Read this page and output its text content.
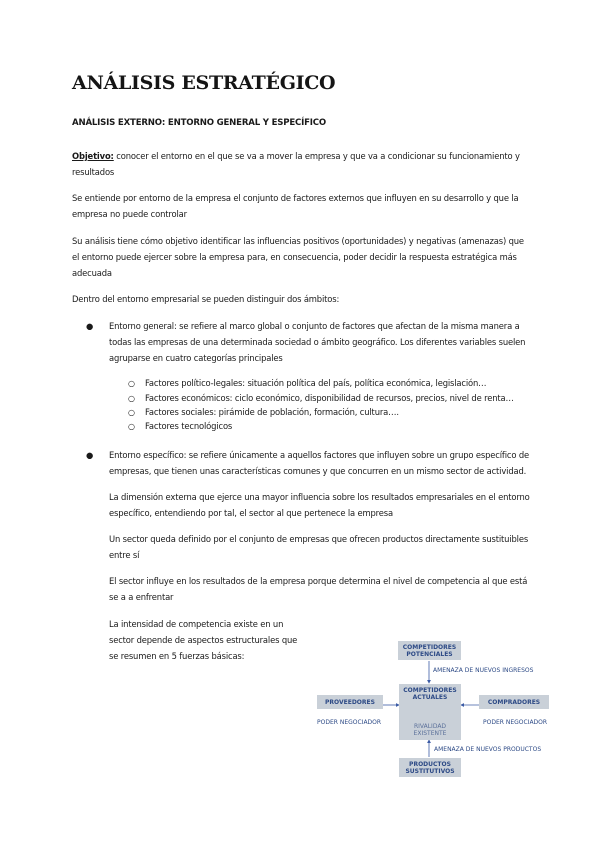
ANÁLISIS ESTRATÉGICO

ANÁLISIS EXTERNO: ENTORNO GENERAL Y ESPECÍFICO

Objetivo: conocer el entorno en el que se va a mover la empresa y que va a condicionar su funcionamiento y
resultados

Se entiende por entorno de la empresa el conjunto de factores externos que influyen en su desarrollo y que la empresa no puede controlar

Su análisis tiene cómo objetivo identificar las influencias positivos (oportunidades) y negativas (amenazas) que el entorno puede ejercer sobre la empresa para, en consecuencia, poder decidir la respuesta estratégica más adecuada

Dentro del entorno empresarial se pueden distinguir dos ámbitos:

● Entorno general: se refiere al marco global o conjunto de factores que afectan de la misma manera a todas las empresas de una determinada sociedad o ámbito geográfico. Los diferentes variables suelen agruparse en cuatro categorías principales
○ Factores político-legales: situación política del país, política económica, legislación…
○ Factores económicos: ciclo económico, disponibilidad de recursos, precios, nivel de renta…
○ Factores sociales: pirámide de población, formación, cultura….
○ Factores tecnológicos
● Entorno específico: se refiere únicamente a aquellos factores que influyen sobre un grupo específico de empresas, que tienen unas características comunes y que concurren en un mismo sector de actividad.

La dimensión externa que ejerce una mayor influencia sobre los resultados empresariales en el entorno específico, entendiendo por tal, el sector al que pertenece la empresa

Un sector queda definido por el conjunto de empresas que ofrecen productos directamente sustituibles entre sí

El sector influye en los resultados de la empresa porque determina el nivel de competencia al que está se a a enfrentar

La intensidad de competencia existe en un sector depende de aspectos estructurales que se resumen en 5 fuerzas básicas:

COMPETIDORES POTENCIALES
AMENAZA DE NUEVOS INGRESOS
PROVEEDORES
PODER NEGOCIADOR
COMPETIDORES ACTUALES
RIVALIDAD EXISTENTE
COMPRADORES
PODER NEGOCIADOR
AMENAZA DE NUEVOS PRODUCTOS
PRODUCTOS SUSTITUTIVOS
